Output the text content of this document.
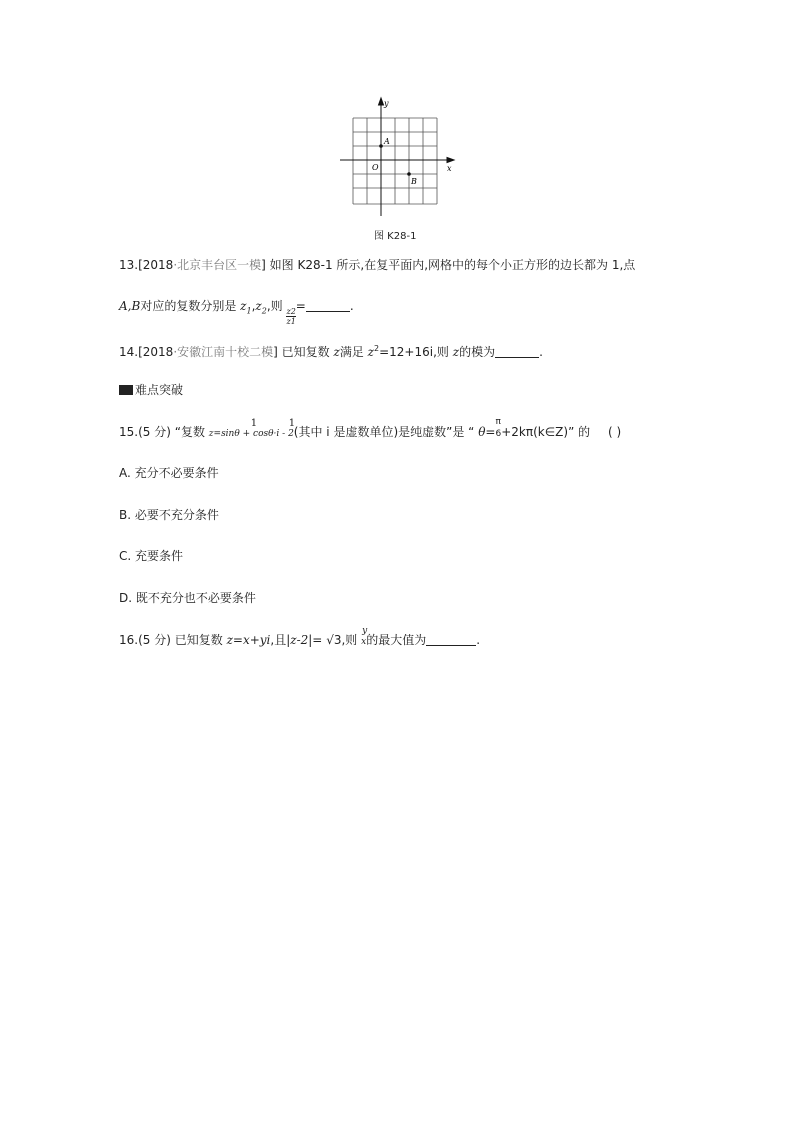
y
x
O
A
B
图 K28-1
13.[2018·北京丰台区一模] 如图 K28-1 所示,在复平面内,网格中的每个小正方形的边长都为 1,点
A,B对应的复数分别是 $z_1,z_2$,则
$\frac{z2}{z1}$
=	.
14.[2018·安徽江南十校二模] 已知复数 z满足 $z^2=12+16i$,则 z的模为	.
难点突破
15.(5 分) “复数 z=sinθ + cosθ·i -
1	1
2(其中 i 是虚数单位)是纯虚数”是 “ θ=
π
6+2kπ(k∈Z)” 的 ( )
A. 充分不必要条件
B. 必要不充分条件
C. 充要条件
D. 既不充分也不必要条件
16.(5 分) 已知复数 z=x+yi,且|z-2|= √3,则
y
x的最大值为	.
